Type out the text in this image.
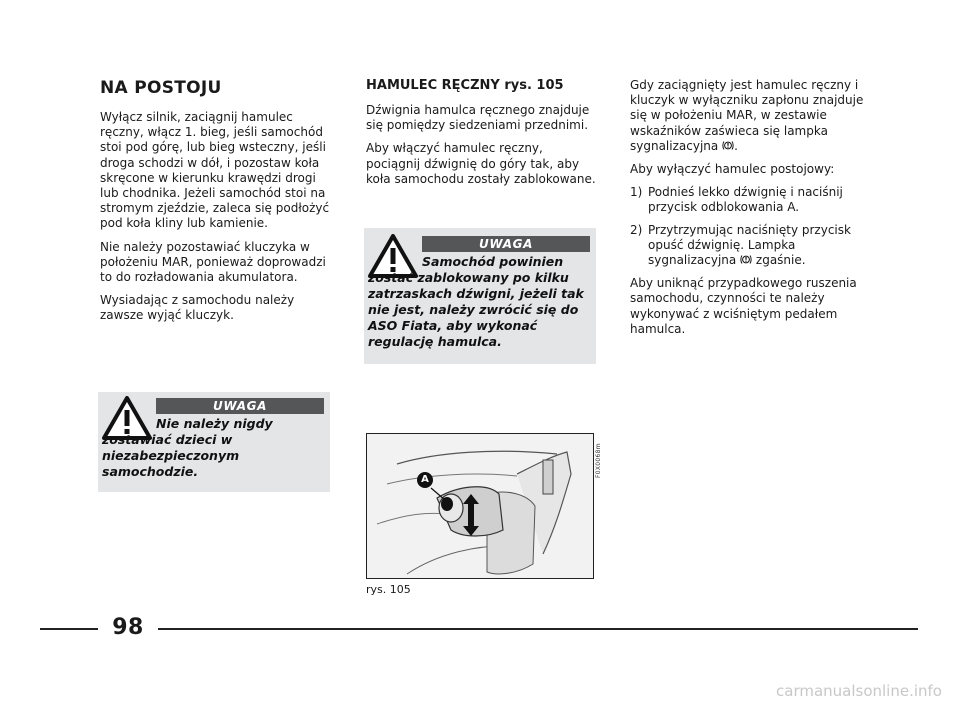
NA POSTOJU

Wyłącz silnik, zaciągnij hamulec ręczny, włącz 1. bieg, jeśli samochód stoi pod górę, lub bieg wsteczny, jeśli droga schodzi w dół, i pozostaw koła skręcone w kierunku krawędzi drogi lub chodnika. Jeżeli samochód stoi na stromym zjeździe, zaleca się podłożyć pod koła kliny lub kamienie.

Nie należy pozostawiać kluczyka w położeniu MAR, ponieważ doprowadzi to do rozładowania akumulatora.

Wysiadając z samochodu należy zawsze wyjąć kluczyk.

UWAGA

Nie należy nigdy zostawiać dzieci w niezabezpieczonym samochodzie.

HAMULEC RĘCZNY rys. 105

Dźwignia hamulca ręcznego znajduje się pomiędzy siedzeniami przednimi.

Aby włączyć hamulec ręczny, pociągnij dźwignię do góry tak, aby koła samochodu zostały zablokowane.

UWAGA

Samochód powinien zostać zablokowany po kilku zatrzaskach dźwigni, jeżeli tak nie jest, należy zwrócić się do ASO Fiata, aby wykonać regulację hamulca.

A
F0X0068m

rys. 105

Gdy zaciągnięty jest hamulec ręczny i kluczyk w wyłączniku zapłonu znajduje się w położeniu MAR, w zestawie wskaźników zaświeca się lampka sygnalizacyjna .

Aby wyłączyć hamulec postojowy:

1) Podnieś lekko dźwignię i naciśnij przycisk odblokowania A.
2) Przytrzymując naciśnięty przycisk opuść dźwignię. Lampka sygnalizacyjna zgaśnie.

Aby uniknąć przypadkowego ruszenia samochodu, czynności te należy wykonywać z wciśniętym pedałem hamulca.

98
carmanualsonline.info
